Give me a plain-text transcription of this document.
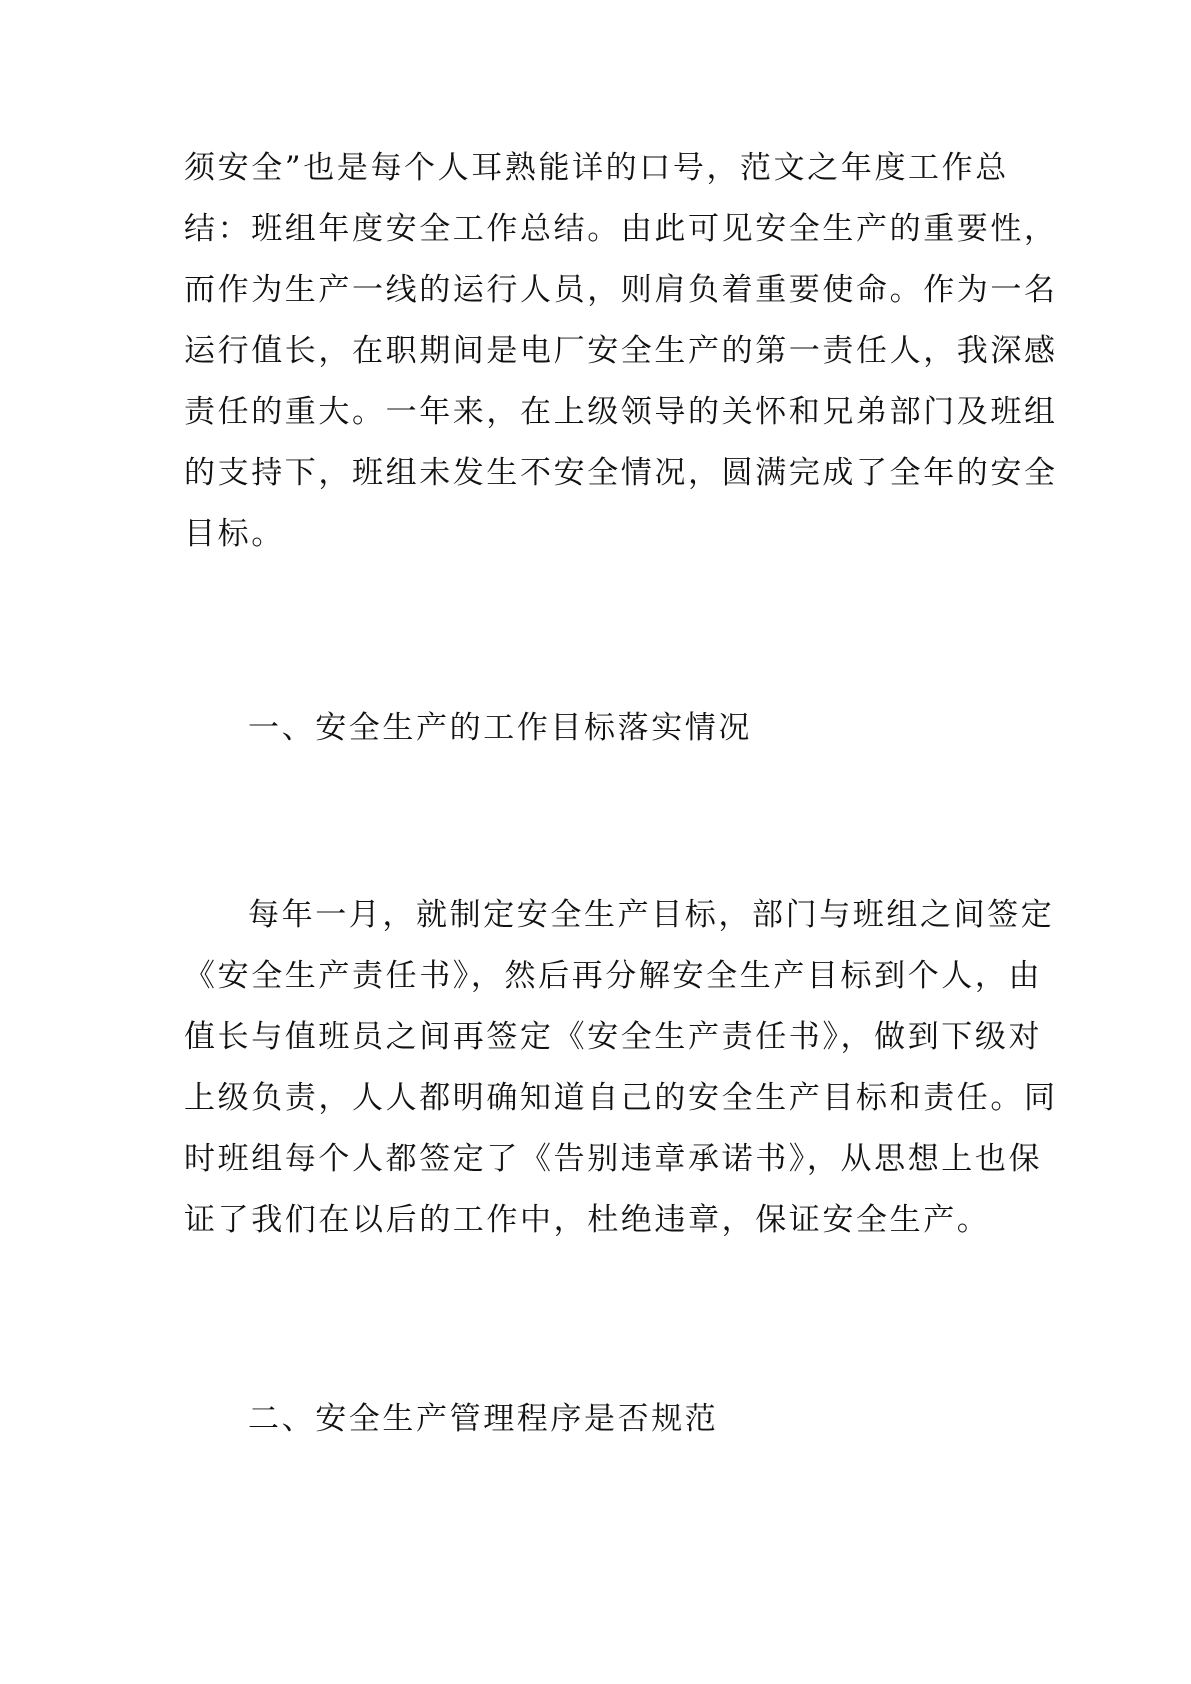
须安全”也是每个人耳熟能详的口号，范文之年度工作总
结：班组年度安全工作总结。由此可见安全生产的重要性，
而作为生产一线的运行人员，则肩负着重要使命。作为一名
运行值长，在职期间是电厂安全生产的第一责任人，我深感
责任的重大。一年来，在上级领导的关怀和兄弟部门及班组
的支持下，班组未发生不安全情况，圆满完成了全年的安全
目标。
一、安全生产的工作目标落实情况
每年一月，就制定安全生产目标，部门与班组之间签定
《安全生产责任书》，然后再分解安全生产目标到个人，由
值长与值班员之间再签定《安全生产责任书》，做到下级对
上级负责，人人都明确知道自己的安全生产目标和责任。同
时班组每个人都签定了《告别违章承诺书》，从思想上也保
证了我们在以后的工作中，杜绝违章，保证安全生产。
二、安全生产管理程序是否规范
